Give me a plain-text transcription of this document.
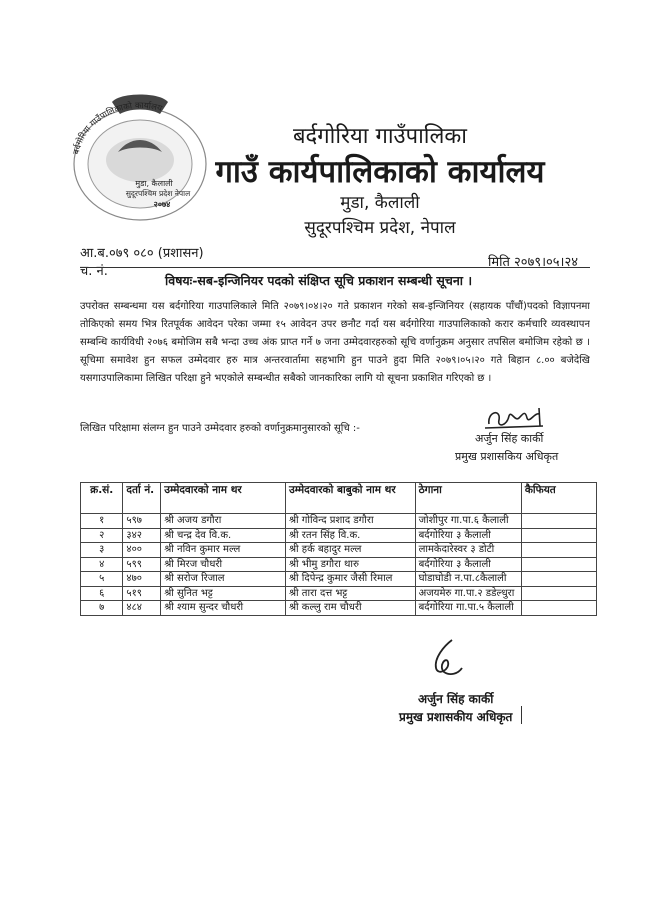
बर्दगोरिया गाउँपालिकाको कार्यालय
मुडा, कैलाली
सुदूरपश्चिम प्रदेश नेपाल
२०७४
बर्दगोरिया गाउँपालिका
गाउँ कार्यपालिकाको कार्यालय
मुडा, कैलाली
सुदूरपश्चिम प्रदेश, नेपाल
आ.ब.०७९ ०८० (प्रशासन)
च. नं.
मिति २०७९।०५।२४
विषयः-सब-इन्जिनियर पदको संक्षिप्त सूचि प्रकाशन सम्बन्धी सूचना ।
उपरोक्त सम्बन्धमा यस बर्दगोरिया गाउपालिकाले मिति २०७९।०४।२० गते प्रकाशन गरेको सब-इन्जिनियर (सहायक पाँचौं)पदको विज्ञापनमा तोकिएको समय भित्र रितपूर्वक आवेदन परेका जम्मा १५ आवेदन उपर छनौट गर्दा यस बर्दगोरिया गाउपालिकाको करार कर्मचारि व्यवस्थापन सम्बन्धि कार्यविधी २०७६ बमोजिम सबै भन्दा उच्च अंक प्राप्त गर्ने ७ जना उम्मेदवारहरुको सूचि वर्णानुक्रम अनुसार तपसिल बमोजिम रहेको छ । सूचिमा समावेश हुन सफल उम्मेदवार हरु मात्र अन्तरवार्तामा सहभागि हुन पाउने हुदा मिति २०७९।०५।२० गते बिहान ८.०० बजेदेखि यसगाउपालिकामा लिखित परिक्षा हुने भएकोले सम्बन्धीत सबैको जानकारिका लागि यो सूचना प्रकाशित गरिएको छ ।
लिखित परिक्षामा संलग्न हुन पाउने उम्मेदवार हरुको वर्णानुक्रमानुसारको सूचि :-
अर्जुन सिंह कार्की
प्रमुख प्रशासकिय अधिकृत
क्र.सं.	दर्ता नं.	उम्मेदवारको नाम थर	उम्मेदवारको बाबुको नाम थर	ठेगाना	कैफियत
१	५९७	श्री अजय डगौरा	श्री गोविन्द प्रशाद डगौरा	जोशीपुर गा.पा.६ कैलाली	
२	३४२	श्री चन्द्र देव वि.क.	श्री रतन सिंह वि.क.	बर्दगोरिया ३ कैलाली	
३	४००	श्री नविन कुमार मल्ल	श्री हर्क बहादुर मल्ल	लामकेदारेस्वर ३ डोटी	
४	५९९	श्री मिरज चौधरी	श्री भीमु डगौरा थारु	बर्दगोरिया ३ कैलाली	
५	४७०	श्री सरोज रिजाल	श्री दिपेन्द्र कुमार जैसी रिमाल	घोडाघोडी न.पा.८कैलाली	
६	५१९	श्री सुनित भट्ट	श्री तारा दत्त भट्ट	अजयमेरु गा.पा.२ डडेल्धुरा	
७	४८४	श्री श्याम सुन्दर चौधरी	श्री कल्लु राम चौधरी	बर्दगोरिया गा.पा.५ कैलाली	
अर्जुन सिंह कार्की
प्रमुख प्रशासकीय अधिकृत
